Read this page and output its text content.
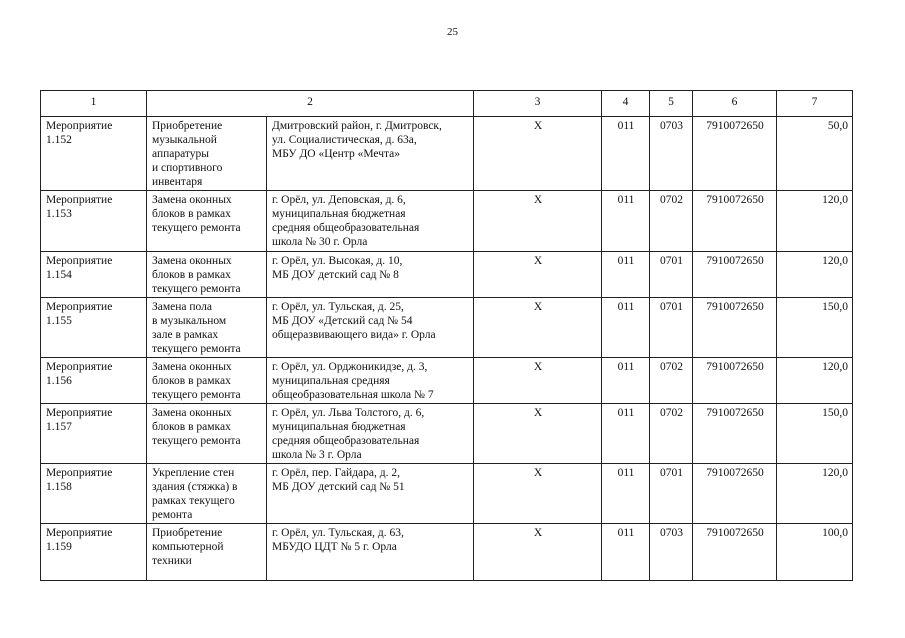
25
1	2		3	4	5	6	7

Мероприятие
1.152	Приобретение
музыкальной
аппаратуры
и спортивного
инвентаря	Дмитровский район, г. Дмитровск,
ул. Социалистическая, д. 63а,
МБУ ДО «Центр «Мечта»	Х	011	0703	7910072650	50,0

Мероприятие
1.153	Замена оконных
блоков в рамках
текущего ремонта	г. Орёл, ул. Деповская, д. 6,
муниципальная бюджетная
средняя общеобразовательная
школа № 30 г. Орла	Х	011	0702	7910072650	120,0

Мероприятие
1.154	Замена оконных
блоков в рамках
текущего ремонта	г. Орёл, ул. Высокая, д. 10,
МБ ДОУ детский сад № 8	Х	011	0701	7910072650	120,0

Мероприятие
1.155	Замена пола
в музыкальном
зале в рамках
текущего ремонта	г. Орёл, ул. Тульская, д. 25,
МБ ДОУ «Детский сад № 54
общеразвивающего вида» г. Орла	Х	011	0701	7910072650	150,0

Мероприятие
1.156	Замена оконных
блоков в рамках
текущего ремонта	г. Орёл, ул. Орджоникидзе, д. 3,
муниципальная средняя
общеобразовательная школа № 7	Х	011	0702	7910072650	120,0

Мероприятие
1.157	Замена оконных
блоков в рамках
текущего ремонта	г. Орёл, ул. Льва Толстого, д. 6,
муниципальная бюджетная
средняя общеобразовательная
школа № 3 г. Орла	Х	011	0702	7910072650	150,0

Мероприятие
1.158	Укрепление стен
здания (стяжка) в
рамках текущего
ремонта	г. Орёл, пер. Гайдара, д. 2,
МБ ДОУ детский сад № 51	Х	011	0701	7910072650	120,0

Мероприятие
1.159	Приобретение
компьютерной
техники	г. Орёл, ул. Тульская, д. 63,
МБУДО ЦДТ № 5 г. Орла	Х	011	0703	7910072650	100,0
